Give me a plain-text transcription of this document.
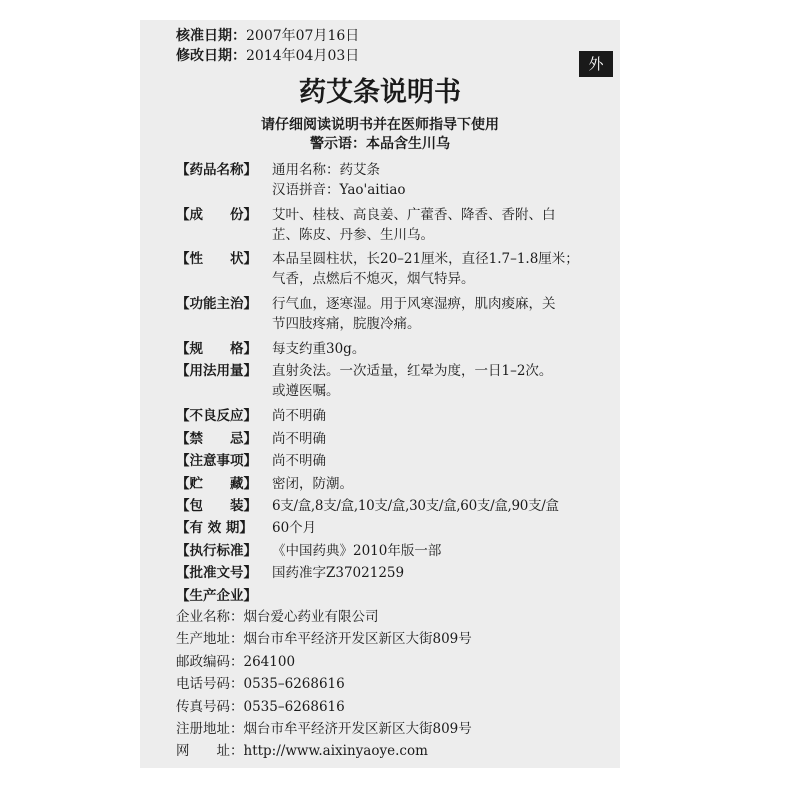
核准日期：2007年07月16日
修改日期：2014年04月03日	外
药艾条说明书
请仔细阅读说明书并在医师指导下使用
警示语：本品含生川乌
【药品名称】	通用名称：药艾条
汉语拼音：Yao'aitiao
【成　　份】	艾叶、桂枝、高良姜、广藿香、降香、香附、白
芷、陈皮、丹参、生川乌。
【性　　状】	本品呈圆柱状，长20–21厘米，直径1.7–1.8厘米；
气香，点燃后不熄灭，烟气特异。
【功能主治】	行气血，逐寒湿。用于风寒湿痹，肌肉痠麻，关
节四肢疼痛，脘腹冷痛。
【规　　格】	每支约重30g。
【用法用量】	直射灸法。一次适量，红晕为度，一日1–2次。
或遵医嘱。
【不良反应】	尚不明确
【禁　　忌】	尚不明确
【注意事项】	尚不明确
【贮　　藏】	密闭，防潮。
【包　　装】	6支/盒,8支/盒,10支/盒,30支/盒,60支/盒,90支/盒
【有 效 期】	60个月
【执行标准】	《中国药典》2010年版一部
【批准文号】	国药准字Z37021259
【生产企业】
企业名称：烟台爱心药业有限公司
生产地址：烟台市牟平经济开发区新区大街809号
邮政编码：264100
电话号码：0535–6268616
传真号码：0535–6268616
注册地址：烟台市牟平经济开发区新区大街809号
网　　址：http://www.aixinyaoye.com
